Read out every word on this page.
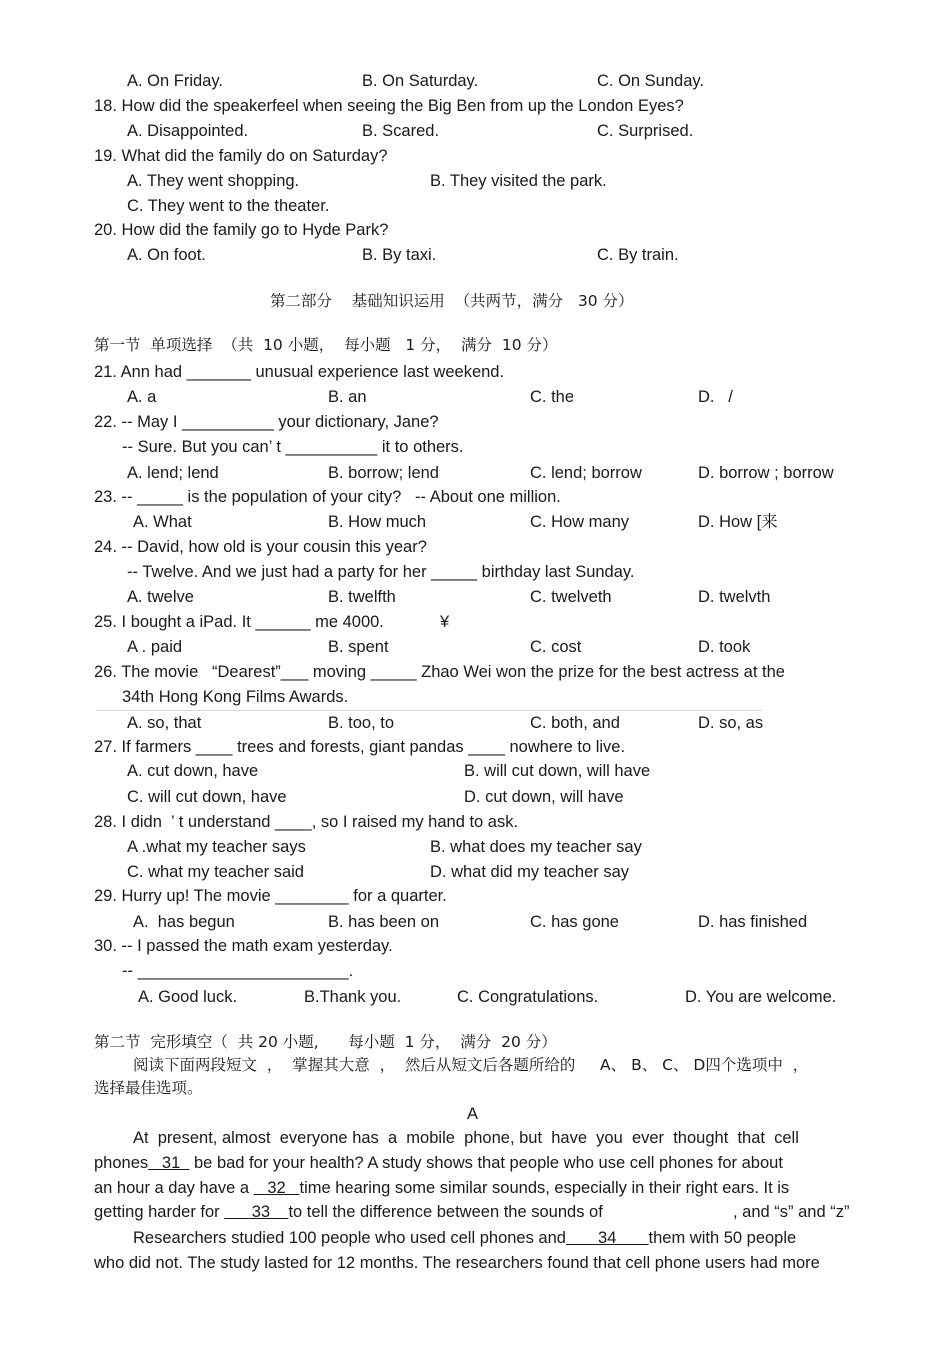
A. On Friday.	B. On Saturday.	C. On Sunday.
18. How did the speakerfeel when seeing the Big Ben from up the London Eyes?
A. Disappointed.	B. Scared.	C. Surprised.
19. What did the family do on Saturday?
A. They went shopping.	B. They visited the park.
C. They went to the theater.
20. How did the family go to Hyde Park?
A. On foot.	B. By taxi.	C. By train.
第二部分    基础知识运用  （共两节，满分   30 分）
第一节  单项选择  （共  10 小题，  每小题   1 分，  满分  10 分）
21. Ann had _______ unusual experience last weekend.
A. a	B. an	C. the	D.   /
22. -- May I __________ your dictionary, Jane?
-- Sure. But you can’ t __________ it to others.
A. lend; lend	B. borrow; lend	C. lend; borrow	D. borrow ; borrow
23. -- _____ is the population of your city?   -- About one million.
A. What	B. How much	C. How many	D. How [来
24. -- David, how old is your cousin this year?
-- Twelve. And we just had a party for her _____ birthday last Sunday.
A. twelve	B. twelfth	C. twelveth	D. twelvth
25. I bought a iPad. It ______ me 4000.	¥
A . paid	B. spent	C. cost	D. took
26. The movie   “Dearest”___ moving _____ Zhao Wei won the prize for the best actress at the
34th Hong Kong Films Awards.
A. so, that	B. too, to	C. both, and	D. so, as
27. If farmers ____ trees and forests, giant pandas ____ nowhere to live.
A. cut down, have	B. will cut down, will have
C. will cut down, have	D. cut down, will have
28. I didn  ’ t understand ____, so I raised my hand to ask.
A .what my teacher says	B. what does my teacher say
C. what my teacher said	D. what did my teacher say
29. Hurry up! The movie ________ for a quarter.
A.  has begun	B. has been on	C. has gone	D. has finished
30. -- I passed the math exam yesterday.
-- _______________________.
A. Good luck.	B.Thank you.	C. Congratulations.	D. You are welcome.
第二节  完形填空（  共 20 小题,      每小题  1 分，  满分  20 分）
阅读下面两段短文  ，  掌握其大意  ，  然后从短文后各题所给的     A、 B、 C、 D四个选项中  ，
选择最佳选项。
A
At  present, almost  everyone has  a  mobile  phone, but  have  you  ever  thought  that  cell
phones   31   be bad for your health? A study shows that people who use cell phones for about
an hour a day have a    32   time hearing some similar sounds, especially in their right ears. It is
getting harder for       33    to tell the difference between the sounds of	, and “s” and “z”
Researchers studied 100 people who used cell phones and       34       them with 50 people
who did not. The study lasted for 12 months. The researchers found that cell phone users had more
